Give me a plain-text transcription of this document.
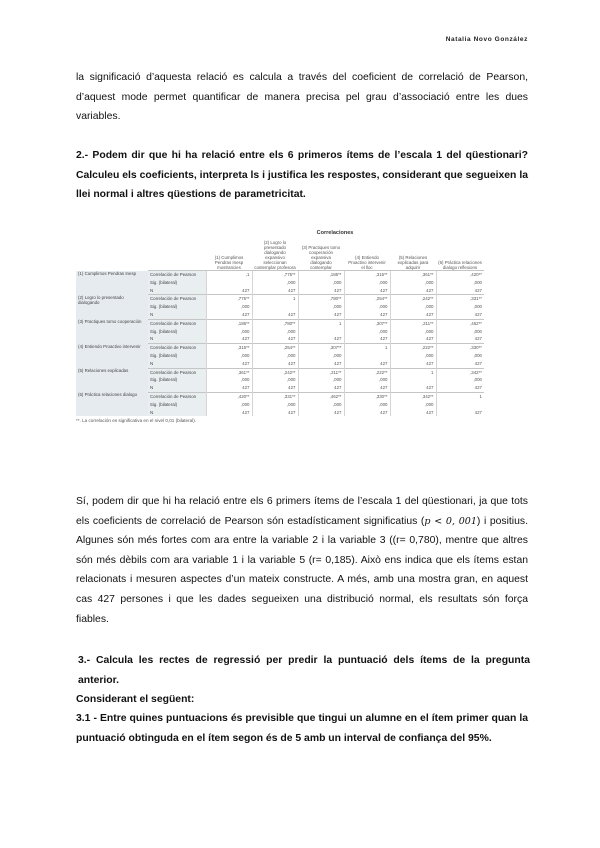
Natalia Novo González
la significació d’aquesta relació es calcula a través del coeficient de correlació de Pearson, d’aquest mode permet quantificar de manera precisa pel grau d’associació entre les dues variables.
2.- Podem dir que hi ha relació entre els 6 primeros ítems de l’escala 1 del qüestionari? Calculeu els coeficients, interpreta ls i justifica les respostes, considerant que segueixen la llei normal i altres qüestions de parametricitat.
Correlaciones
		(1) Cumplimos Pendras Inesp mostrancies	(2) Logro lo presentado dialogando expansivo seleccionan contemplar profesora	(3) Practiques tomo cooperación expansiva dialogando contemplar	(4) Entiendo Proactivo intervenir el lloc	(5) Relaciones explicadas para adquirir	(6) Práctica relaciones dialogo reflexions
(1) Cumplimos Pendras Inesp	Correlación de Pearson	,1	,775**	,185**	,315**	,361**	,420**
	Sig. (bilateral)		,000	,000	,000	,000	,000
	N	427	427	427	427	427	427
(2) Logro lo presentado dialogando	Correlación de Pearson	,775**	1	,780**	,254**	,242**	,331**
	Sig. (bilateral)	,000		,000	,000	,000	,000
	N	427	427	427	427	427	427
(3) Practiques tomo cooperación	Correlación de Pearson	,185**	,780**	1	,307**	,211**	,462**
	Sig. (bilateral)	,000	,000		,000	,000	,000
	N	427	427	427	427	427	427
(4) Entiendo Proactivo intervenir	Correlación de Pearson	,315**	,254**	,307**	1	,222**	,330**
	Sig. (bilateral)	,000	,000	,000		,000	,000
	N	427	427	427	427	427	427
(5) Relaciones explicadas	Correlación de Pearson	,361**	,242**	,211**	,222**	1	,342**
	Sig. (bilateral)	,000	,000	,000	,000		,000
	N	427	427	427	427	427	427
(6) Práctica relaciones dialogo	Correlación de Pearson	,420**	,331**	,462**	,330**	,342**	1
	Sig. (bilateral)	,000	,000	,000	,000	,000	
	N	427	427	427	427	427	427
**. La correlación es significativa en el nivel 0,01 (bilateral).
Sí, podem dir que hi ha relació entre els 6 primers ítems de l’escala 1 del qüestionari, ja que tots els coeficients de correlació de Pearson són estadísticament significatius (p < 0, 001) i positius. Algunes són més fortes com ara entre la variable 2 i la variable 3 ((r= 0,780), mentre que altres són més dèbils com ara variable 1 i la variable 5 (r= 0,185). Això ens indica que els ítems estan relacionats i mesuren aspectes d’un mateix constructe. A més, amb una mostra gran, en aquest cas 427 persones i que les dades segueixen una distribució normal, els resultats són força fiables.
3.- Calcula les rectes de regressió per predir la puntuació dels ítems de la pregunta anterior.
Considerant el següent:
3.1 - Entre quines puntuacions és previsible que tingui un alumne en el ítem primer quan la puntuació obtinguda en el ítem segon és de 5 amb un interval de confiança del 95%.
